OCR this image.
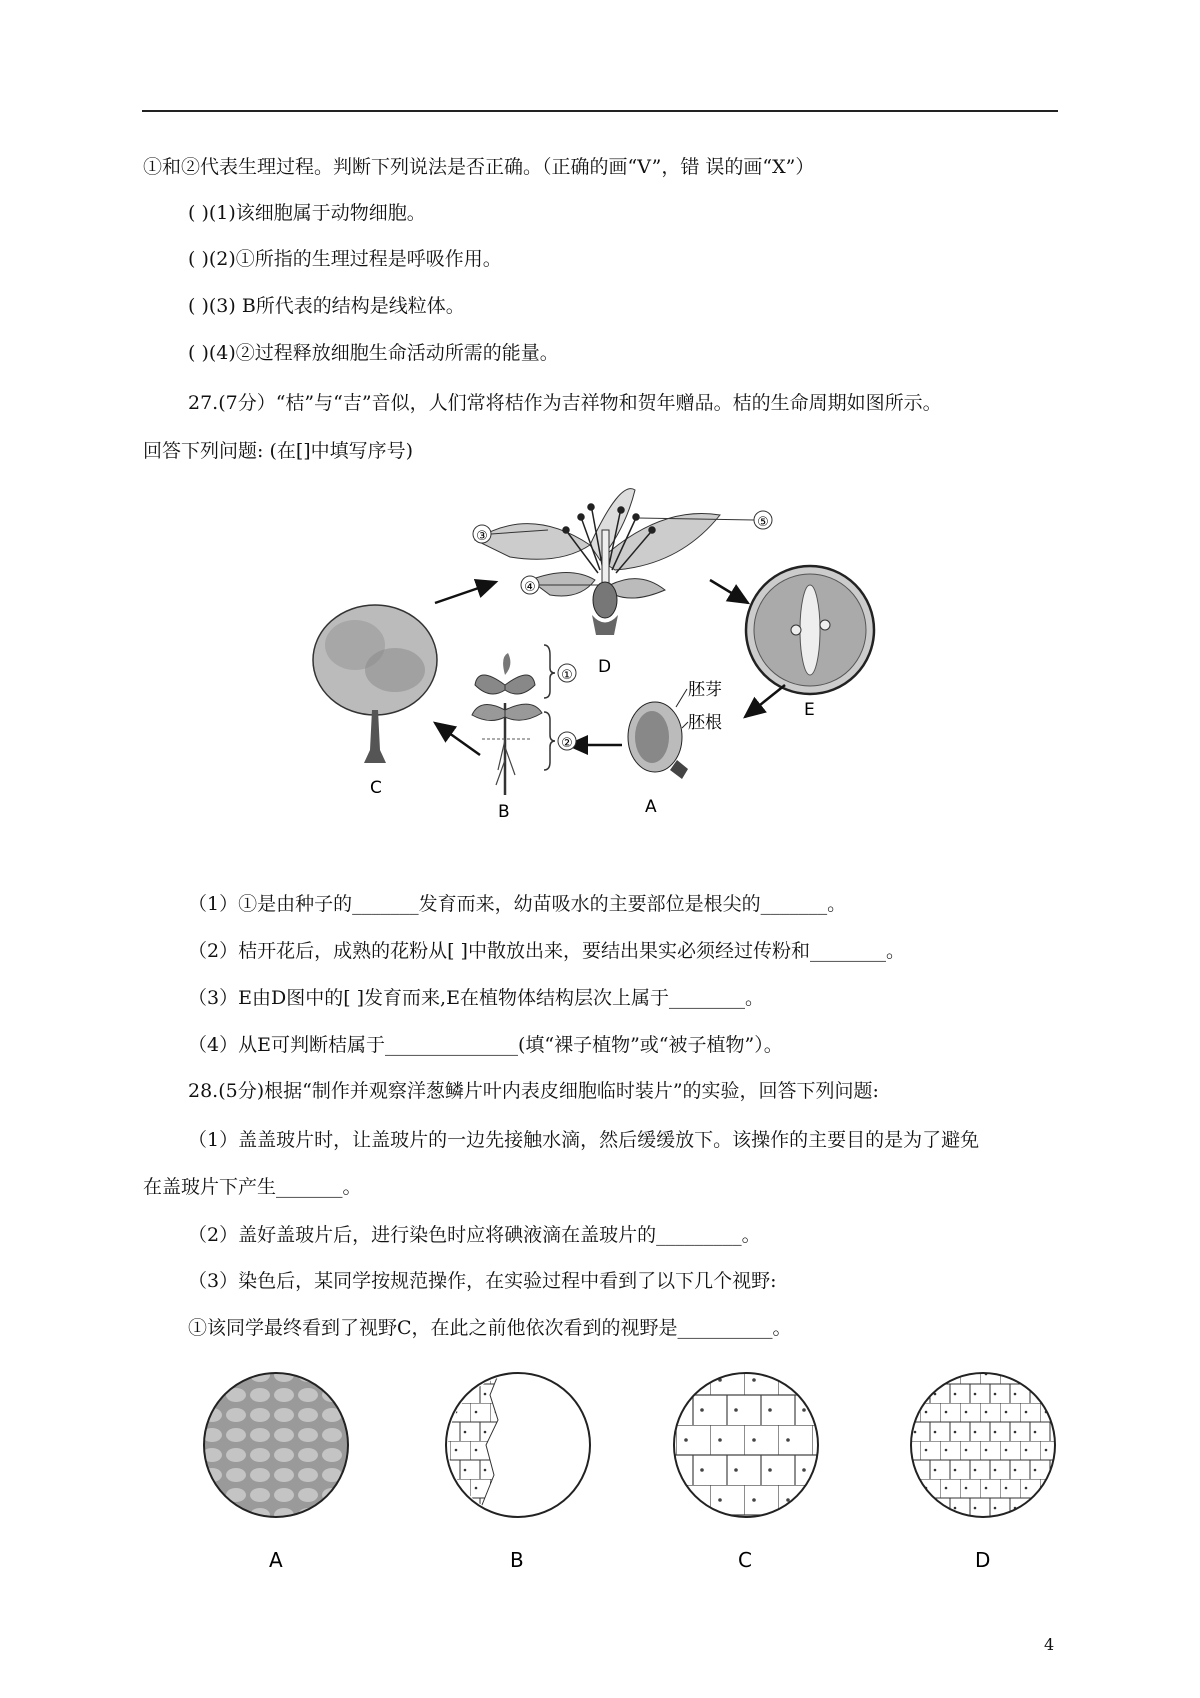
①和②代表生理过程。判断下列说法是否正确。（正确的画“V”，错 误的画“X”）
( )(1)该细胞属于动物细胞。
( )(2)①所指的生理过程是呼吸作用。
( )(3) B所代表的结构是线粒体。
( )(4)②过程释放细胞生命活动所需的能量。
27.(7分）“桔”与“吉”音似，人们常将桔作为吉祥物和贺年赠品。桔的生命周期如图所示。
回答下列问题: (在[]中填写序号)
C
D
③
④
⑤
E
胚芽
胚根
A
①
②
B
（1）①是由种子的_______发育而来，幼苗吸水的主要部位是根尖的_______。
（2）桔开花后，成熟的花粉从[ ]中散放出来，要结出果实必须经过传粉和________。
（3）E由D图中的[ ]发育而来,E在植物体结构层次上属于________。
（4）从E可判断桔属于______________(填“裸子植物”或“被子植物”）。
28.(5分)根据“制作并观察洋葱鳞片叶内表皮细胞临时装片”的实验，回答下列问题:
（1）盖盖玻片时，让盖玻片的一边先接触水滴，然后缓缓放下。该操作的主要目的是为了避免
在盖玻片下产生_______。
（2）盖好盖玻片后，进行染色时应将碘液滴在盖玻片的_________。
（3）染色后，某同学按规范操作，在实验过程中看到了以下几个视野:
①该同学最终看到了视野C，在此之前他依次看到的视野是__________。
A	B	C	D
4
